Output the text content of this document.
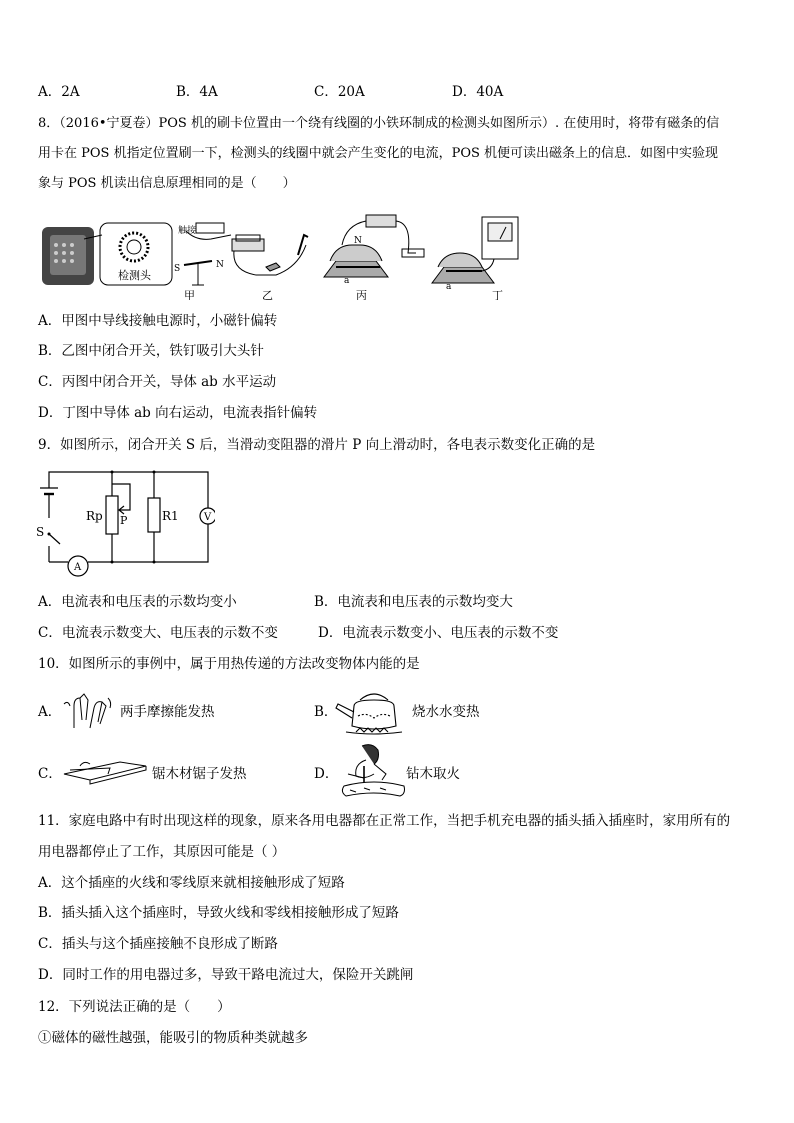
A．2A	B．4A	C．20A	D．40A
8．（2016•宁夏卷）POS 机的刷卡位置由一个绕有线圈的小铁环制成的检测头如图所示）. 在使用时，将带有磁条的信
用卡在 POS 机指定位置刷一下，检测头的线圈中就会产生变化的电流，POS 机便可读出磁条上的信息．如图中实验现
象与 POS 机读出信息原理相同的是（　　）
检测头
触接
S	N
甲	乙
N
a
丙
a
丁
A．甲图中导线接触电源时，小磁针偏转
B．乙图中闭合开关，铁钉吸引大头针
C．丙图中闭合开关，导体 ab 水平运动
D．丁图中导体 ab 向右运动，电流表指针偏转
9．如图所示，闭合开关 S 后，当滑动变阻器的滑片 P 向上滑动时，各电表示数变化正确的是
Rp P	R1	V
S
A
A．电流表和电压表的示数均变小	B．电流表和电压表的示数均变大
C．电流表示数变大、电压表的示数不变	D．电流表示数变小、电压表的示数不变
10．如图所示的事例中，属于用热传递的方法改变物体内能的是
A．	两手摩擦能发热	B．	烧水水变热
C．	锯木材锯子发热	D．	钻木取火
11．家庭电路中有时出现这样的现象，原来各用电器都在正常工作，当把手机充电器的插头插入插座时，家用所有的
用电器都停止了工作，其原因可能是（ ）
A．这个插座的火线和零线原来就相接触形成了短路
B．插头插入这个插座时，导致火线和零线相接触形成了短路
C．插头与这个插座接触不良形成了断路
D．同时工作的用电器过多，导致干路电流过大，保险开关跳闸
12．下列说法正确的是（　　）
①磁体的磁性越强，能吸引的物质种类就越多
